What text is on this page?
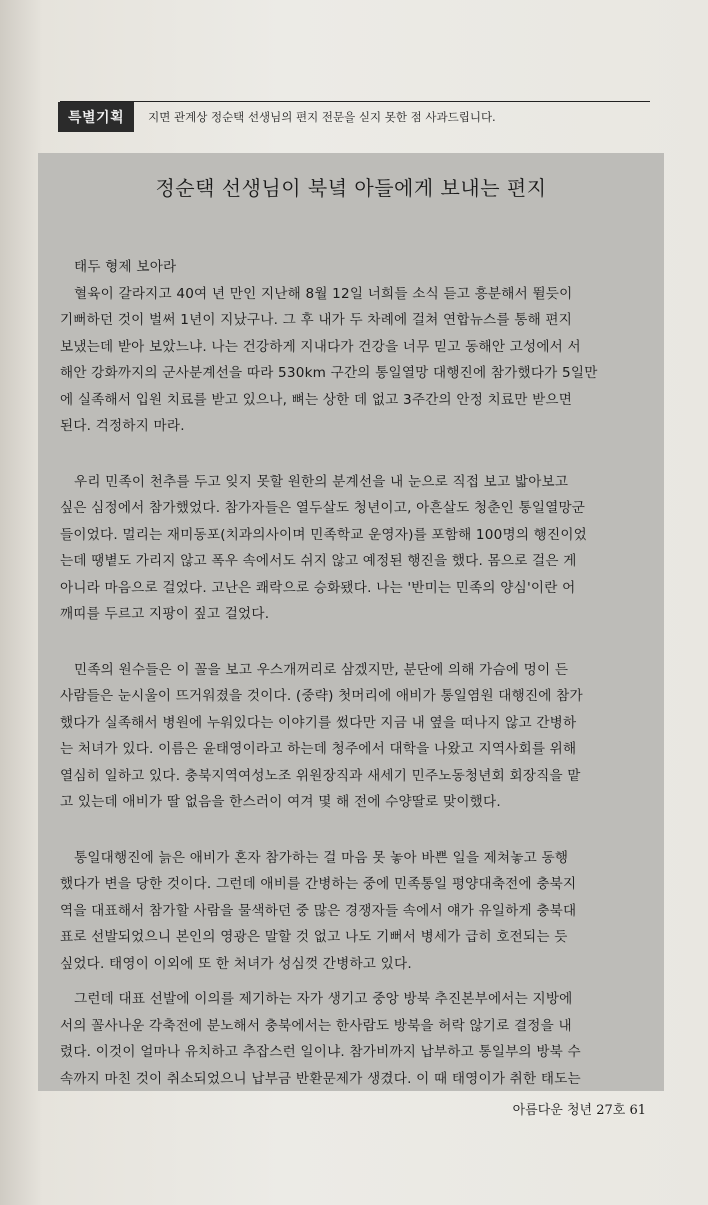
특별기획	지면 관계상 정순택 선생님의 편지 전문을 싣지 못한 점 사과드립니다.
정순택 선생님이 북녘 아들에게 보내는 편지
태두 형제 보아라
혈육이 갈라지고 40여 년 만인 지난해 8월 12일 너희들 소식 듣고 흥분해서 뛸듯이
기뻐하던 것이 벌써 1년이 지났구나. 그 후 내가 두 차례에 걸쳐 연합뉴스를 통해 편지
보냈는데 받아 보았느냐. 나는 건강하게 지내다가 건강을 너무 믿고 동해안 고성에서 서
해안 강화까지의 군사분계선을 따라 530km 구간의 통일열망 대행진에 참가했다가 5일만
에 실족해서 입원 치료를 받고 있으나, 뼈는 상한 데 없고 3주간의 안정 치료만 받으면
된다. 걱정하지 마라.
우리 민족이 천추를 두고 잊지 못할 원한의 분계선을 내 눈으로 직접 보고 밟아보고
싶은 심정에서 참가했었다. 참가자들은 열두살도 청년이고, 아흔살도 청춘인 통일열망군
들이었다. 멀리는 재미동포(치과의사이며 민족학교 운영자)를 포함해 100명의 행진이었
는데 땡볕도 가리지 않고 폭우 속에서도 쉬지 않고 예정된 행진을 했다. 몸으로 걸은 게
아니라 마음으로 걸었다. 고난은 쾌락으로 승화됐다. 나는 '반미는 민족의 양심'이란 어
깨띠를 두르고 지팡이 짚고 걸었다.
민족의 원수들은 이 꼴을 보고 우스개꺼리로 삼겠지만, 분단에 의해 가슴에 멍이 든
사람들은 눈시울이 뜨거워졌을 것이다. (중략) 첫머리에 애비가 통일염원 대행진에 참가
했다가 실족해서 병원에 누워있다는 이야기를 썼다만 지금 내 옆을 떠나지 않고 간병하
는 처녀가 있다. 이름은 윤태영이라고 하는데 청주에서 대학을 나왔고 지역사회를 위해
열심히 일하고 있다. 충북지역여성노조 위원장직과 새세기 민주노동청년회 회장직을 맡
고 있는데 애비가 딸 없음을 한스러이 여겨 몇 해 전에 수양딸로 맞이했다.
통일대행진에 늙은 애비가 혼자 참가하는 걸 마음 못 놓아 바쁜 일을 제쳐놓고 동행
했다가 변을 당한 것이다. 그런데 애비를 간병하는 중에 민족통일 평양대축전에 충북지
역을 대표해서 참가할 사람을 물색하던 중 많은 경쟁자들 속에서 얘가 유일하게 충북대
표로 선발되었으니 본인의 영광은 말할 것 없고 나도 기뻐서 병세가 급히 호전되는 듯
싶었다. 태영이 이외에 또 한 처녀가 성심껏 간병하고 있다.
그런데 대표 선발에 이의를 제기하는 자가 생기고 중앙 방북 추진본부에서는 지방에
서의 꼴사나운 각축전에 분노해서 충북에서는 한사람도 방북을 허락 않기로 결정을 내
렸다. 이것이 얼마나 유치하고 추잡스런 일이냐. 참가비까지 납부하고 통일부의 방북 수
속까지 마친 것이 취소되었으니 납부금 반환문제가 생겼다. 이 때 태영이가 취한 태도는
아름다운 청년 27호 61
